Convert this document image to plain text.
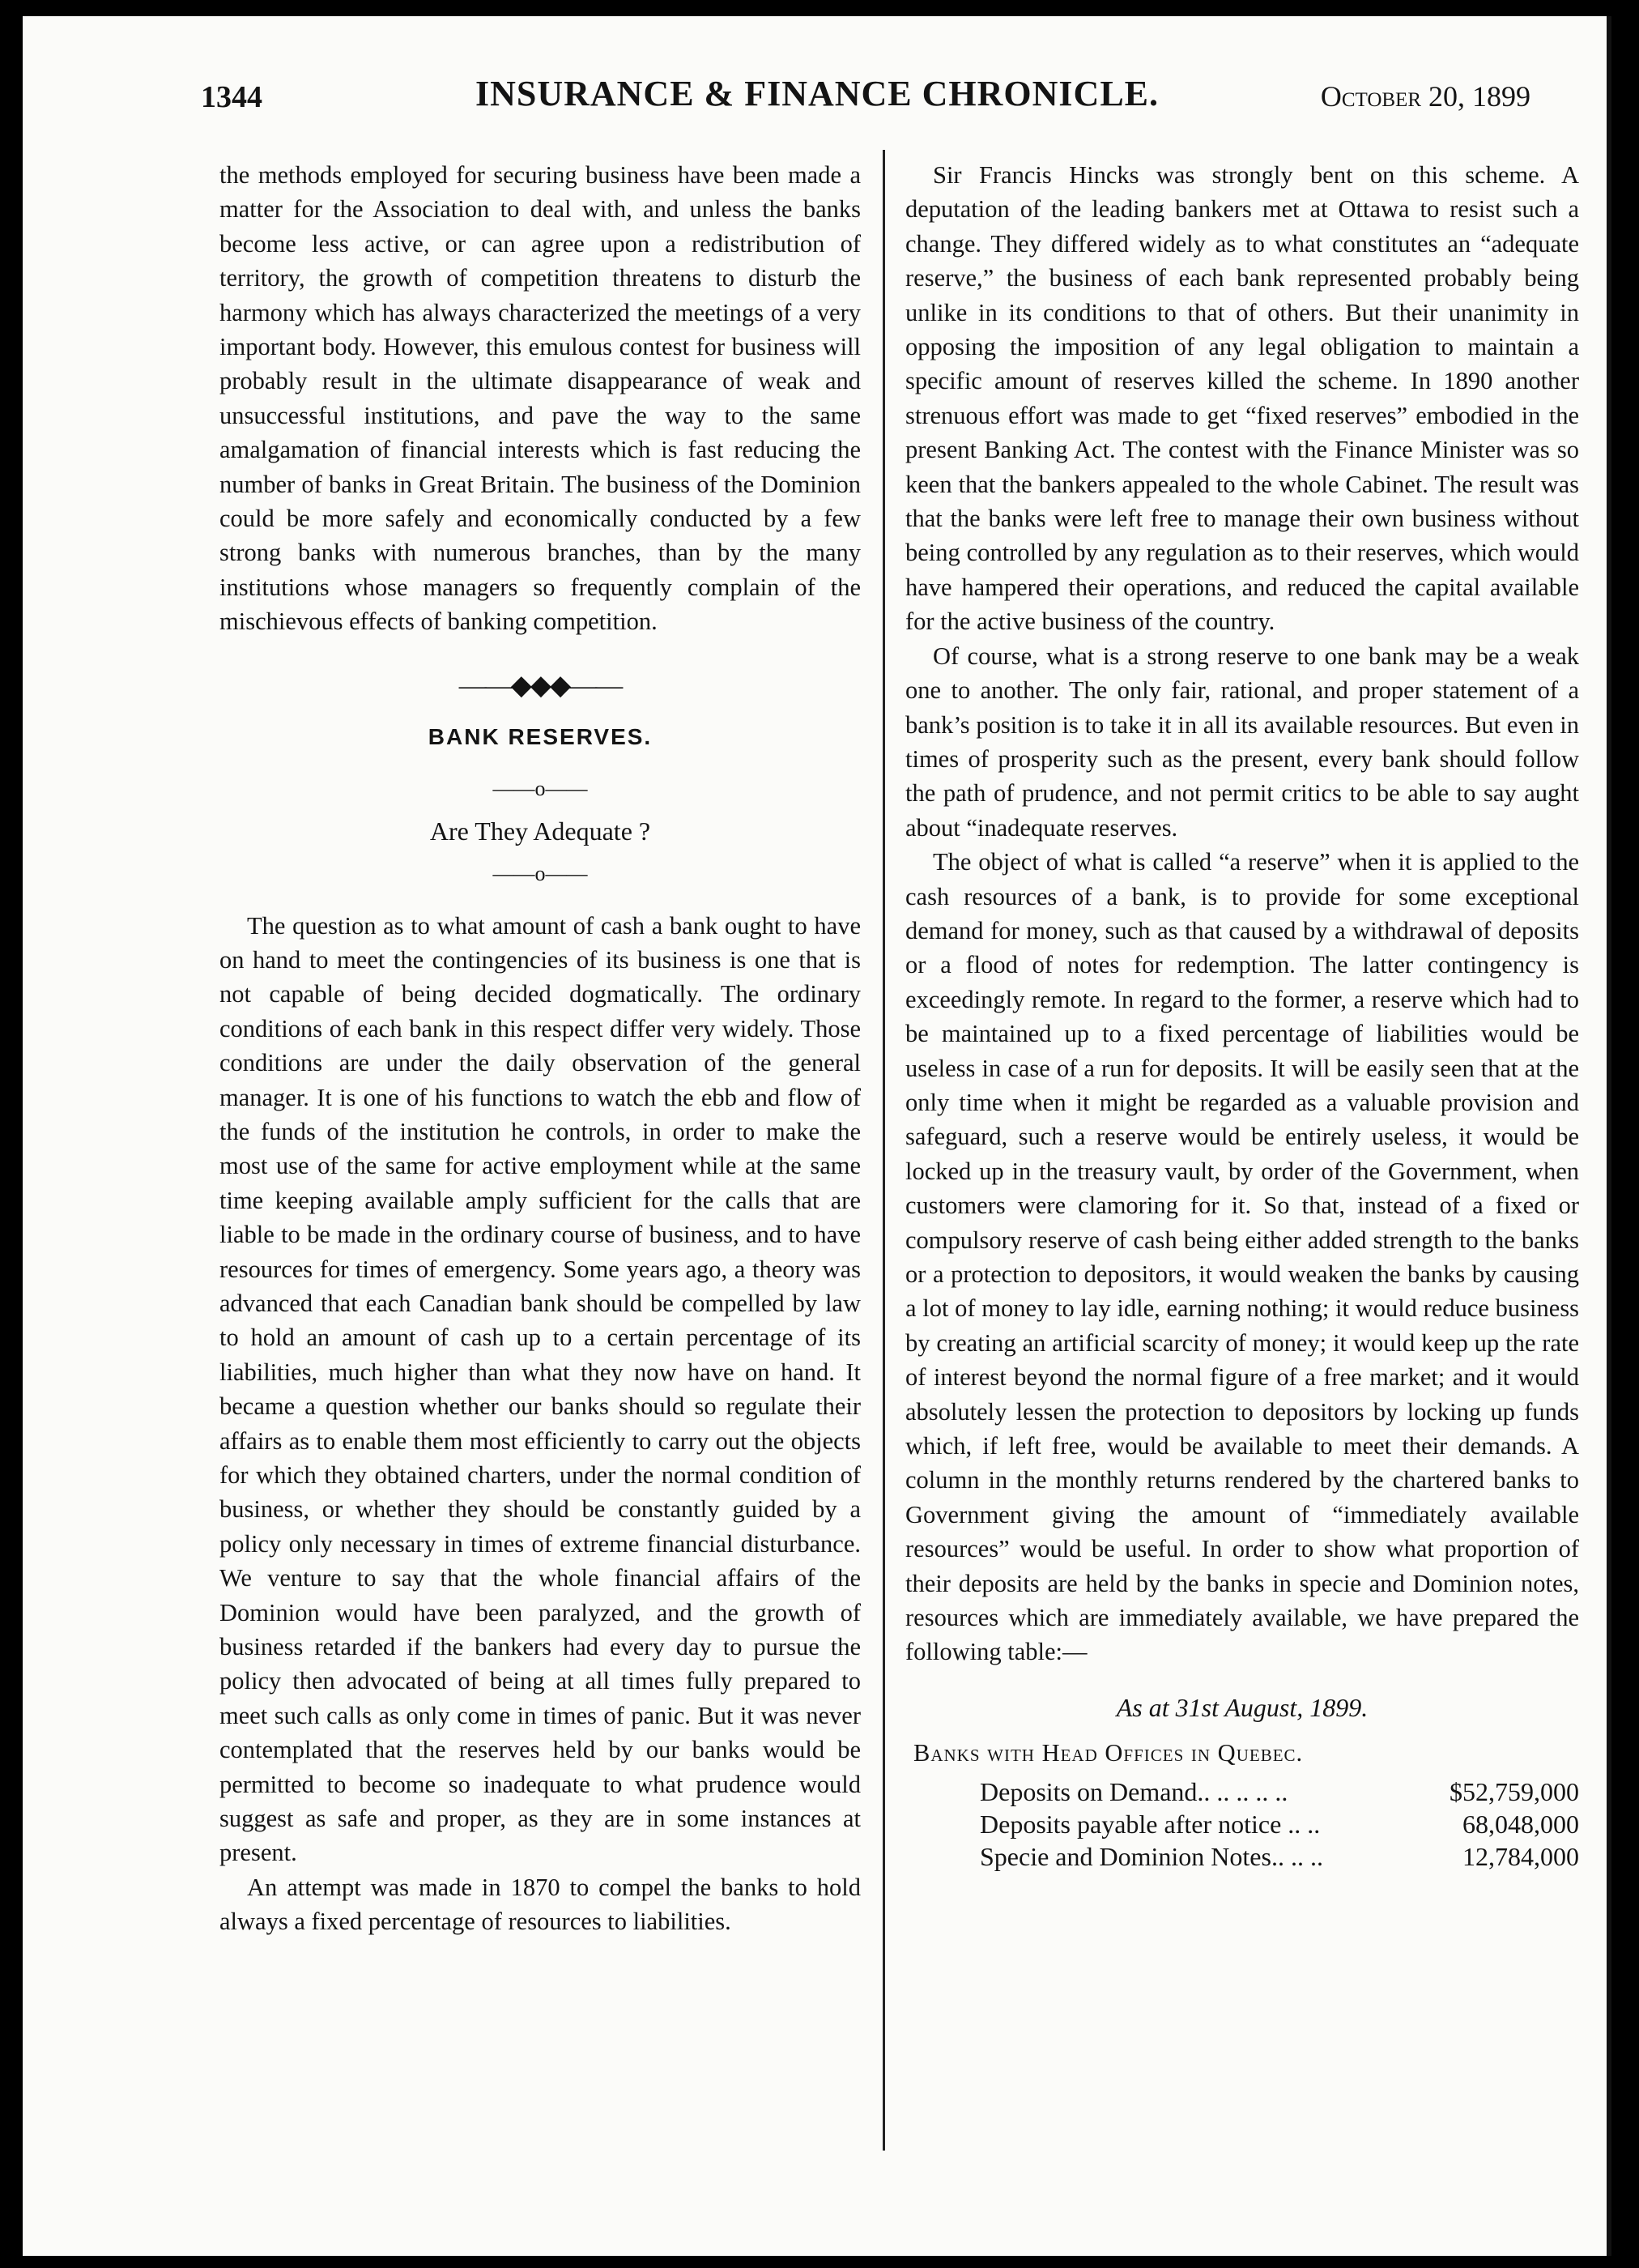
1344	INSURANCE & FINANCE CHRONICLE.	October 20, 1899

the methods employed for securing business have been made a matter for the Association to deal with, and unless the banks become less active, or can agree upon a redistribution of territory, the growth of competition threatens to disturb the harmony which has always characterized the meetings of a very important body. However, this emulous contest for business will probably result in the ultimate disappearance of weak and unsuccessful institutions, and pave the way to the same amalgamation of financial interests which is fast reducing the number of banks in Great Britain. The business of the Dominion could be more safely and economically conducted by a few strong banks with numerous branches, than by the many institutions whose managers so frequently complain of the mischievous effects of banking competition.

——◆◆◆——
BANK RESERVES.
——o——
Are They Adequate ?
——o——

The question as to what amount of cash a bank ought to have on hand to meet the contingencies of its business is one that is not capable of being decided dogmatically. The ordinary conditions of each bank in this respect differ very widely. Those conditions are under the daily observation of the general manager. It is one of his functions to watch the ebb and flow of the funds of the institution he controls, in order to make the most use of the same for active employment while at the same time keeping available amply sufficient for the calls that are liable to be made in the ordinary course of business, and to have resources for times of emergency. Some years ago, a theory was advanced that each Canadian bank should be compelled by law to hold an amount of cash up to a certain percentage of its liabilities, much higher than what they now have on hand. It became a question whether our banks should so regulate their affairs as to enable them most efficiently to carry out the objects for which they obtained charters, under the normal condition of business, or whether they should be constantly guided by a policy only necessary in times of extreme financial disturbance. We venture to say that the whole financial affairs of the Dominion would have been paralyzed, and the growth of business retarded if the bankers had every day to pursue the policy then advocated of being at all times fully prepared to meet such calls as only come in times of panic. But it was never contemplated that the reserves held by our banks would be permitted to become so inadequate to what prudence would suggest as safe and proper, as they are in some instances at present.

An attempt was made in 1870 to compel the banks to hold always a fixed percentage of resources to liabilities.

Sir Francis Hincks was strongly bent on this scheme. A deputation of the leading bankers met at Ottawa to resist such a change. They differed widely as to what constitutes an “adequate reserve,” the business of each bank represented probably being unlike in its conditions to that of others. But their unanimity in opposing the imposition of any legal obligation to maintain a specific amount of reserves killed the scheme. In 1890 another strenuous effort was made to get “fixed reserves” embodied in the present Banking Act. The contest with the Finance Minister was so keen that the bankers appealed to the whole Cabinet. The result was that the banks were left free to manage their own business without being controlled by any regulation as to their reserves, which would have hampered their operations, and reduced the capital available for the active business of the country.

Of course, what is a strong reserve to one bank may be a weak one to another. The only fair, rational, and proper statement of a bank’s position is to take it in all its available resources. But even in times of prosperity such as the present, every bank should follow the path of prudence, and not permit critics to be able to say aught about “inadequate reserves.

The object of what is called “a reserve” when it is applied to the cash resources of a bank, is to provide for some exceptional demand for money, such as that caused by a withdrawal of deposits or a flood of notes for redemption. The latter contingency is exceedingly remote. In regard to the former, a reserve which had to be maintained up to a fixed percentage of liabilities would be useless in case of a run for deposits. It will be easily seen that at the only time when it might be regarded as a valuable provision and safeguard, such a reserve would be entirely useless, it would be locked up in the treasury vault, by order of the Government, when customers were clamoring for it. So that, instead of a fixed or compulsory reserve of cash being either added strength to the banks or a protection to depositors, it would weaken the banks by causing a lot of money to lay idle, earning nothing; it would reduce business by creating an artificial scarcity of money; it would keep up the rate of interest beyond the normal figure of a free market; and it would absolutely lessen the protection to depositors by locking up funds which, if left free, would be available to meet their demands. A column in the monthly returns rendered by the chartered banks to Government giving the amount of “immediately available resources” would be useful. In order to show what proportion of their deposits are held by the banks in specie and Dominion notes, resources which are immediately available, we have prepared the following table:—

As at 31st August, 1899.
Banks with Head Offices in Quebec.
Deposits on Demand.. .. .. .. ..	$52,759,000
Deposits payable after notice .. ..	68,048,000
Specie and Dominion Notes.. .. ..	12,784,000
